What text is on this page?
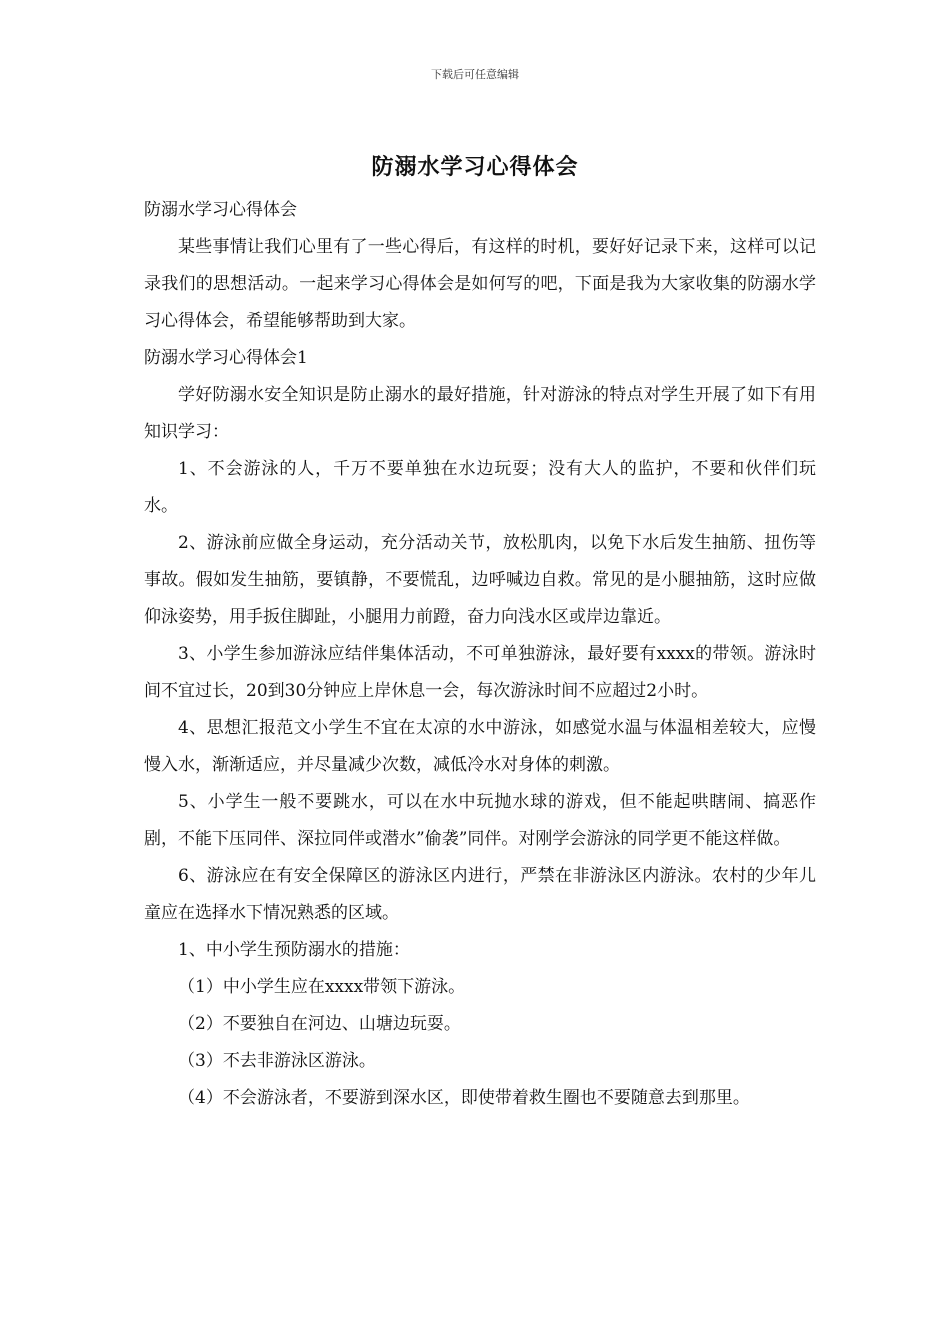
下载后可任意编辑
防溺水学习心得体会

防溺水学习心得体会

某些事情让我们心里有了一些心得后，有这样的时机，要好好记录下来，这样可以记录我们的思想活动。一起来学习心得体会是如何写的吧，下面是我为大家收集的防溺水学习心得体会，希望能够帮助到大家。

防溺水学习心得体会1

学好防溺水安全知识是防止溺水的最好措施，针对游泳的特点对学生开展了如下有用知识学习：

1、不会游泳的人，千万不要单独在水边玩耍；没有大人的监护，不要和伙伴们玩水。

2、游泳前应做全身运动，充分活动关节，放松肌肉，以免下水后发生抽筋、扭伤等事故。假如发生抽筋，要镇静，不要慌乱，边呼喊边自救。常见的是小腿抽筋，这时应做仰泳姿势，用手扳住脚趾，小腿用力前蹬，奋力向浅水区或岸边靠近。

3、小学生参加游泳应结伴集体活动，不可单独游泳，最好要有xxxx的带领。游泳时间不宜过长，20到30分钟应上岸休息一会，每次游泳时间不应超过2小时。

4、思想汇报范文小学生不宜在太凉的水中游泳，如感觉水温与体温相差较大，应慢慢入水，渐渐适应，并尽量减少次数，减低冷水对身体的刺激。

5、小学生一般不要跳水，可以在水中玩抛水球的游戏，但不能起哄瞎闹、搞恶作剧，不能下压同伴、深拉同伴或潜水”偷袭”同伴。对刚学会游泳的同学更不能这样做。

6、游泳应在有安全保障区的游泳区内进行，严禁在非游泳区内游泳。农村的少年儿童应在选择水下情况熟悉的区域。

1、中小学生预防溺水的措施：

（1）中小学生应在xxxx带领下游泳。

（2）不要独自在河边、山塘边玩耍。

（3）不去非游泳区游泳。

（4）不会游泳者，不要游到深水区，即使带着救生圈也不要随意去到那里。
